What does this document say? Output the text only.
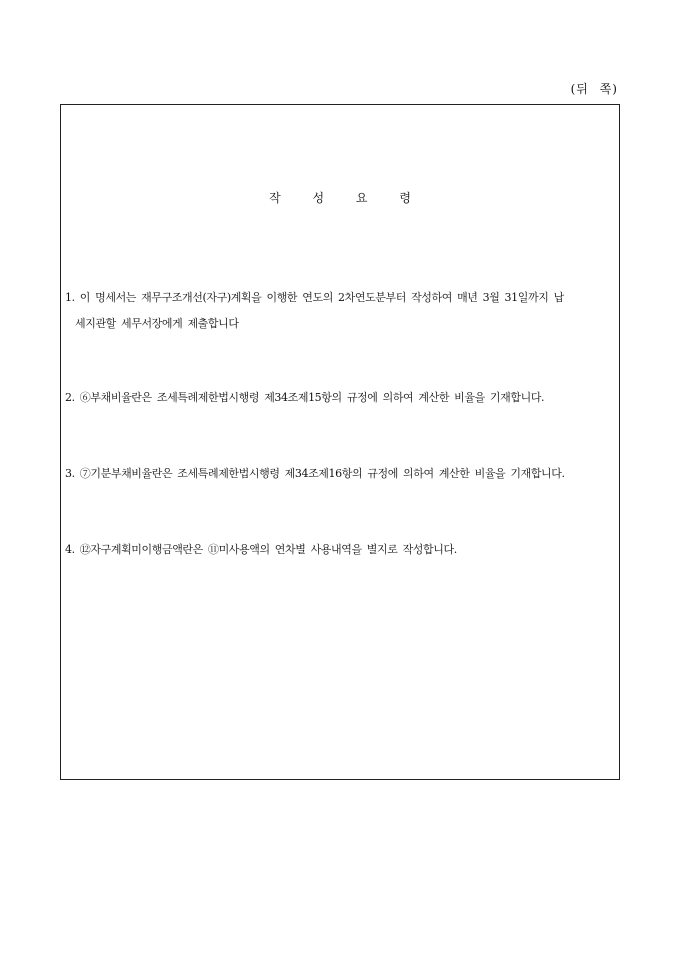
(뒤 쪽)
작 성 요 령
1. 이 명세서는 재무구조개선(자구)계획을 이행한 연도의 2차연도분부터 작성하여 매년 3월 31일까지 납
세지관할 세무서장에게 제출합니다
2. ⑥부채비율란은 조세특례제한법시행령 제34조제15항의 규정에 의하여 계산한 비율을 기재합니다.
3. ⑦기분부채비율란은 조세특례제한법시행령 제34조제16항의 규정에 의하여 계산한 비율을 기재합니다.
4. ⑫자구계획미이행금액란은 ⑪미사용액의 연차별 사용내역을 별지로 작성합니다.
